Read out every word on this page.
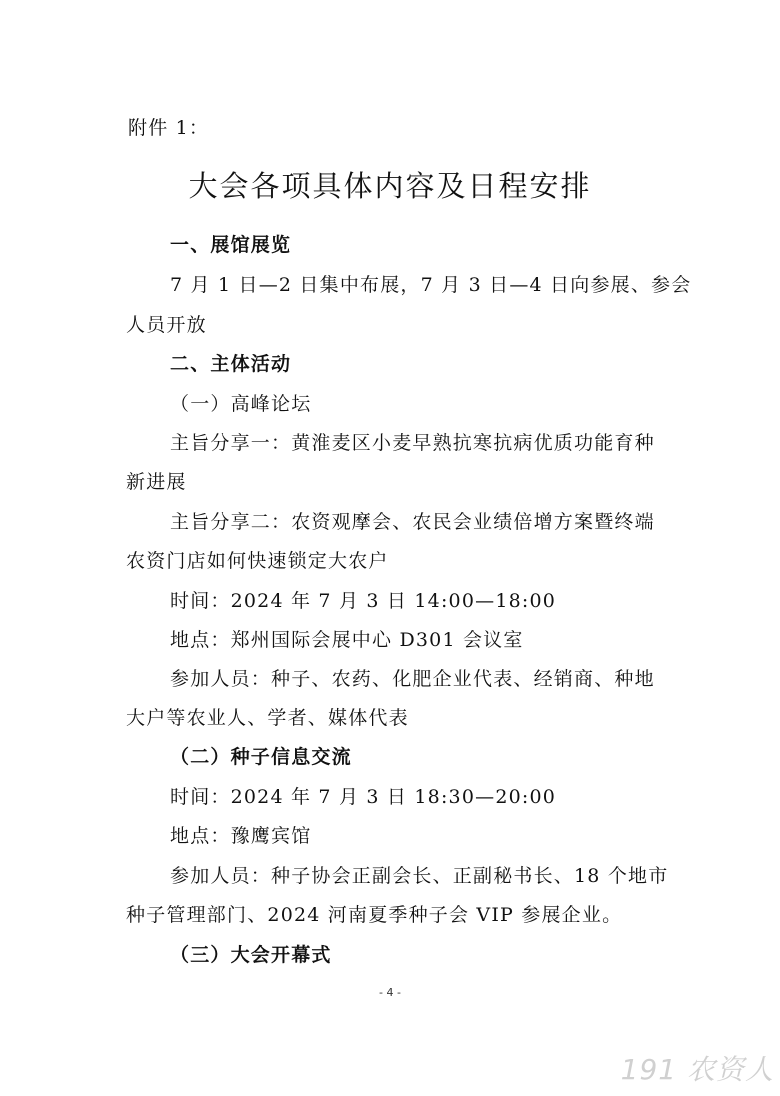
附件 1：
大会各项具体内容及日程安排
一、展馆展览
7 月 1 日—2 日集中布展，7 月 3 日—4 日向参展、参会
人员开放
二、主体活动
（一）高峰论坛
主旨分享一：黄淮麦区小麦早熟抗寒抗病优质功能育种
新进展
主旨分享二：农资观摩会、农民会业绩倍增方案暨终端
农资门店如何快速锁定大农户
时间：2024 年 7 月 3 日 14:00—18:00
地点：郑州国际会展中心 D301 会议室
参加人员：种子、农药、化肥企业代表、经销商、种地
大户等农业人、学者、媒体代表
（二）种子信息交流
时间：2024 年 7 月 3 日 18:30—20:00
地点：豫鹰宾馆
参加人员：种子协会正副会长、正副秘书长、18 个地市
种子管理部门、2024 河南夏季种子会 VIP 参展企业。
（三）大会开幕式
- 4 -
191 农资人
